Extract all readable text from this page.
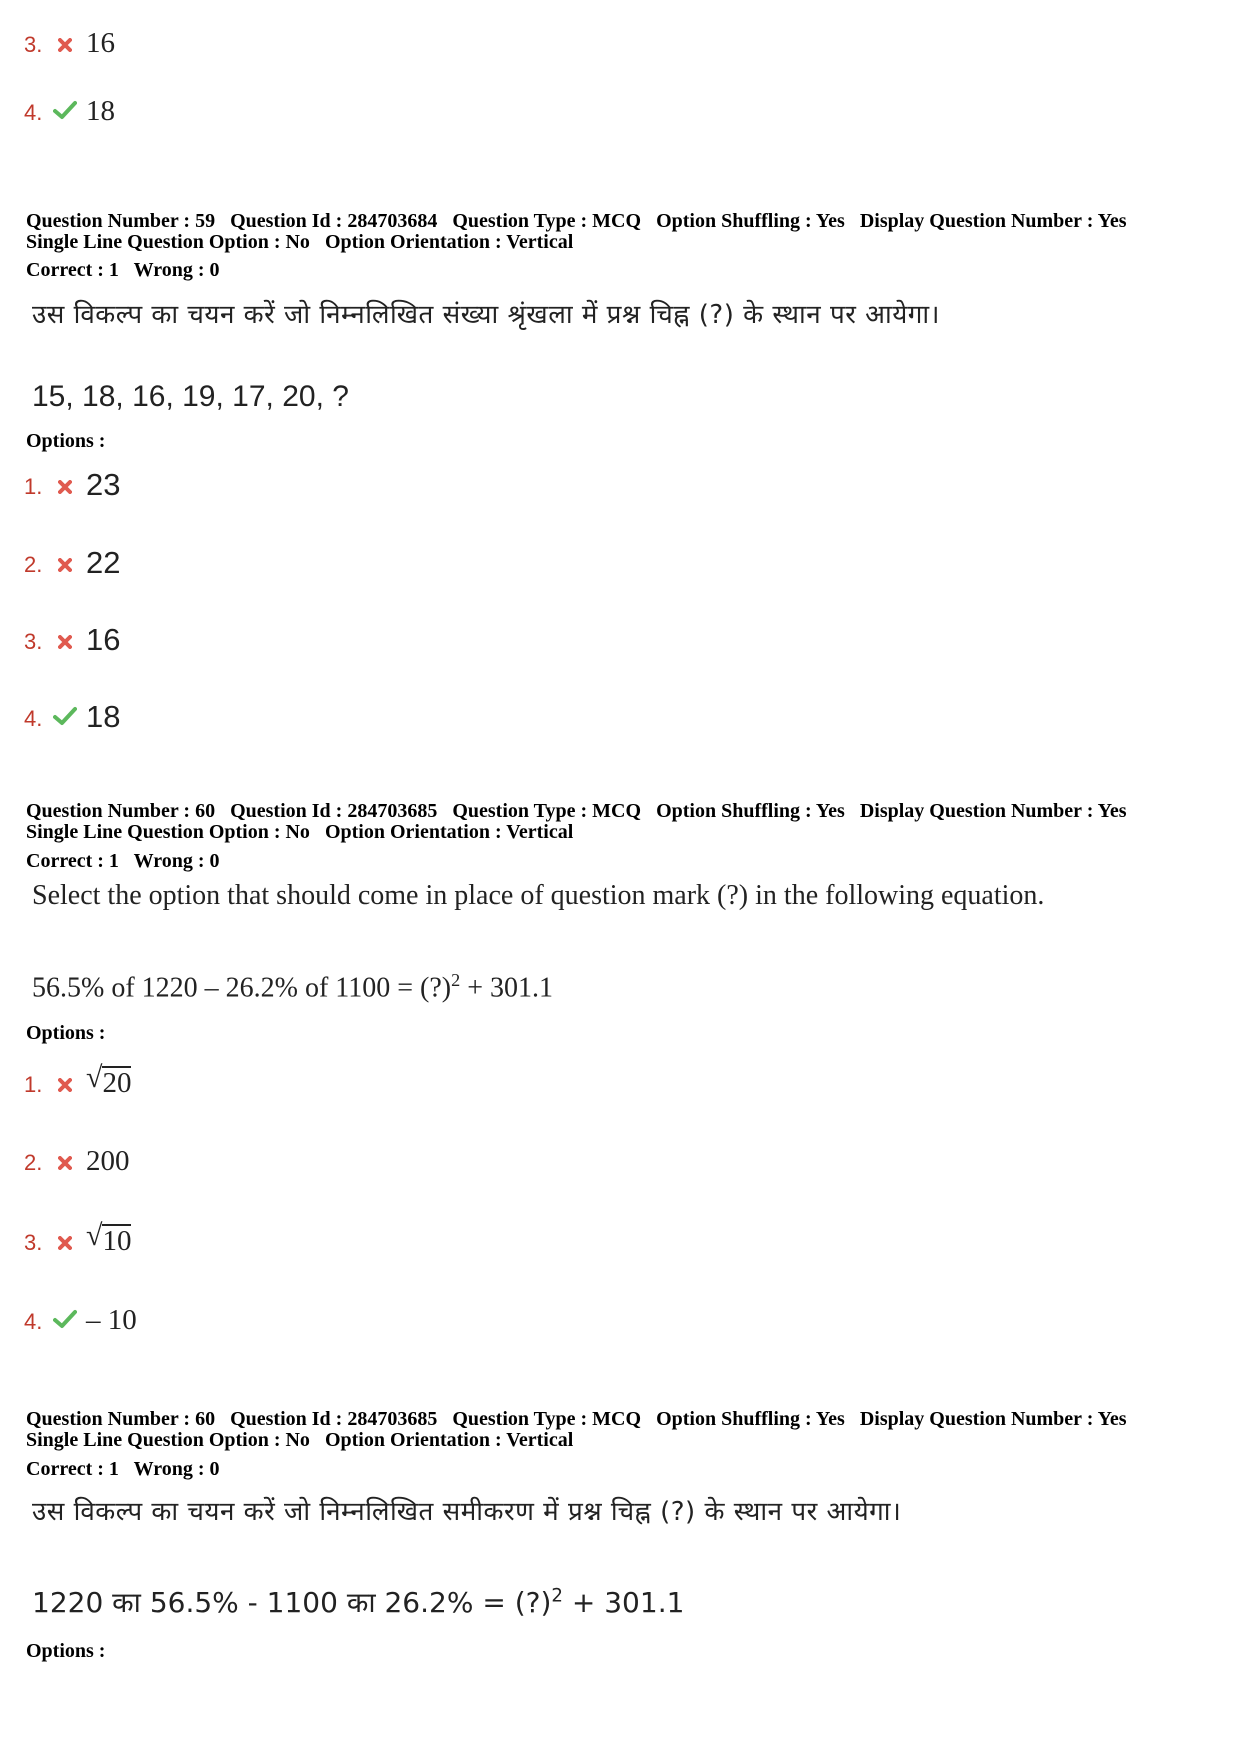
3. 16
4. 18
Question Number : 59 Question Id : 284703684 Question Type : MCQ Option Shuffling : Yes Display Question Number : Yes
Single Line Question Option : No Option Orientation : Vertical
Correct : 1 Wrong : 0
उस विकल्प का चयन करें जो निम्नलिखित संख्या श्रृंखला में प्रश्न चिह्न (?) के स्थान पर आयेगा।
15, 18, 16, 19, 17, 20, ?
Options :
1. 23
2. 22
3. 16
4. 18
Question Number : 60 Question Id : 284703685 Question Type : MCQ Option Shuffling : Yes Display Question Number : Yes
Single Line Question Option : No Option Orientation : Vertical
Correct : 1 Wrong : 0
Select the option that should come in place of question mark (?) in the following equation.
56.5% of 1220 – 26.2% of 1100 = (?)$^2$ + 301.1
Options :
1. √ 20
2. 200
3. √ 10
4. – 10
Question Number : 60 Question Id : 284703685 Question Type : MCQ Option Shuffling : Yes Display Question Number : Yes
Single Line Question Option : No Option Orientation : Vertical
Correct : 1 Wrong : 0
उस विकल्प का चयन करें जो निम्नलिखित समीकरण में प्रश्न चिह्न (?) के स्थान पर आयेगा।
1220 का 56.5% - 1100 का 26.2% = (?)$^2$ + 301.1
Options :
